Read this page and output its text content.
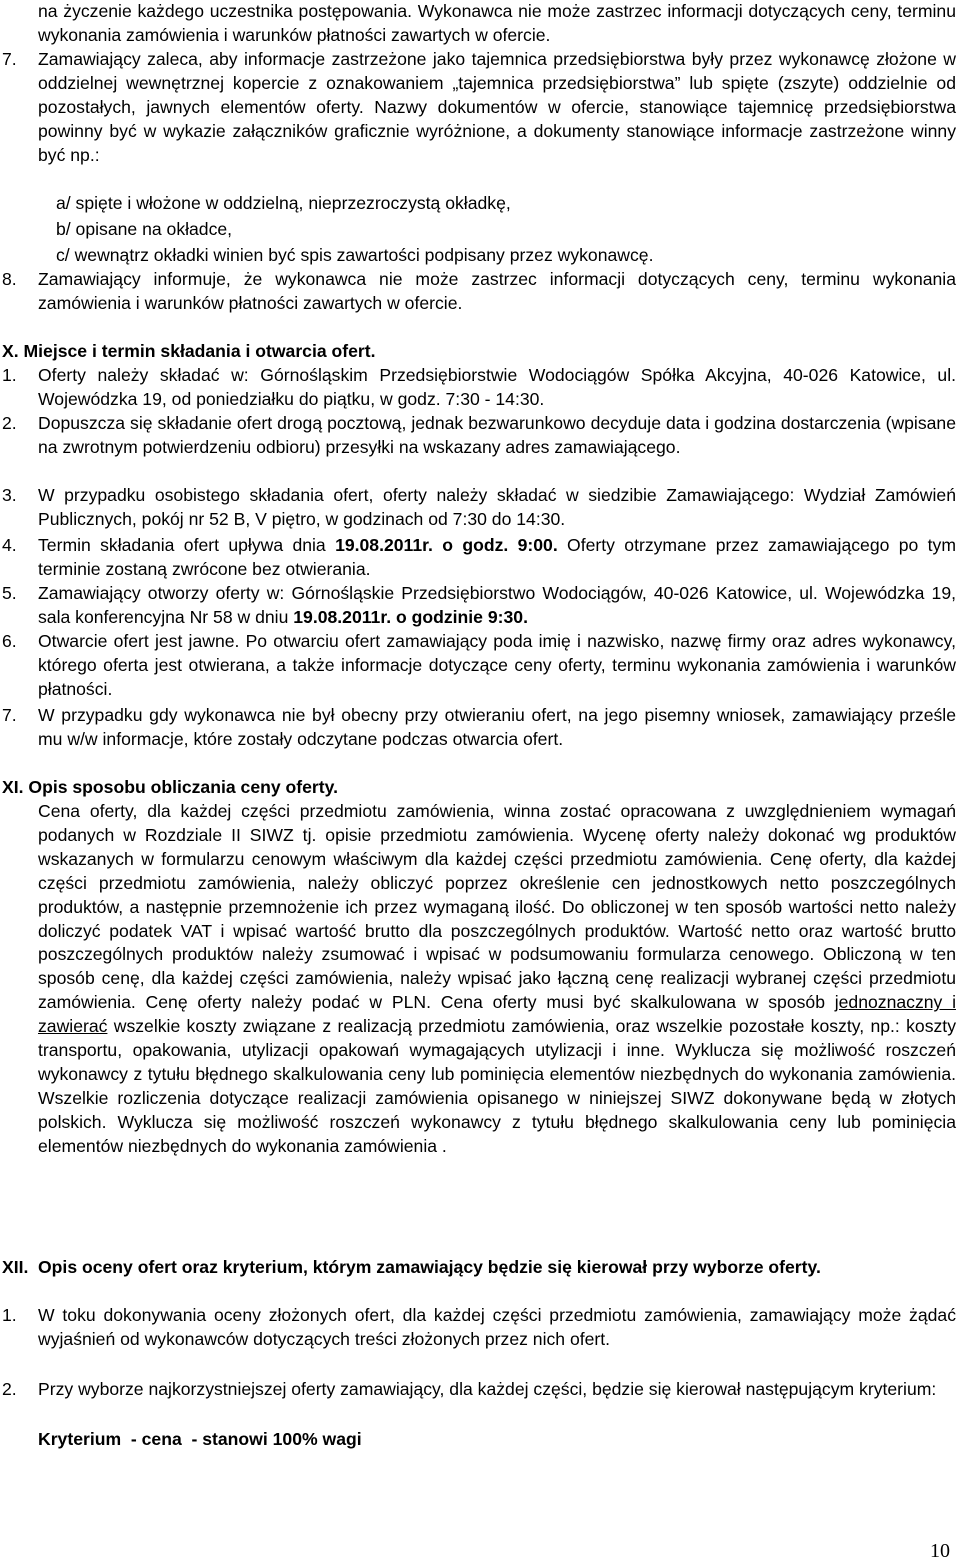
na życzenie każdego uczestnika postępowania. Wykonawca nie może zastrzec informacji dotyczących ceny, terminu wykonania zamówienia i warunków płatności zawartych w ofercie.

7. Zamawiający zaleca, aby informacje zastrzeżone jako tajemnica przedsiębiorstwa były przez wykonawcę złożone w oddzielnej wewnętrznej kopercie z oznakowaniem „tajemnica przedsiębiorstwa” lub spięte (zszyte) oddzielnie od pozostałych, jawnych elementów oferty. Nazwy dokumentów w ofercie, stanowiące tajemnicę przedsiębiorstwa powinny być w wykazie załączników graficznie wyróżnione, a dokumenty stanowiące informacje zastrzeżone winny być np.:
a/ spięte i włożone w oddzielną, nieprzezroczystą okładkę,
b/ opisane na okładce,
c/ wewnątrz okładki winien być spis zawartości podpisany przez wykonawcę.
8. Zamawiający informuje, że wykonawca nie może zastrzec informacji dotyczących ceny, terminu wykonania zamówienia i warunków płatności zawartych w ofercie.
X. Miejsce i termin składania i otwarcia ofert.
1. Oferty należy składać w: Górnośląskim Przedsiębiorstwie Wodociągów Spółka Akcyjna, 40-026 Katowice, ul. Wojewódzka 19, od poniedziałku do piątku, w godz. 7:30 - 14:30.
2. Dopuszcza się składanie ofert drogą pocztową, jednak bezwarunkowo decyduje data i godzina dostarczenia (wpisane na zwrotnym potwierdzeniu odbioru) przesyłki na wskazany adres zamawiającego.
3. W przypadku osobistego składania ofert, oferty należy składać w siedzibie Zamawiającego: Wydział Zamówień Publicznych, pokój nr 52 B, V piętro, w godzinach od 7:30 do 14:30.
4. Termin składania ofert upływa dnia 19.08.2011r. o godz. 9:00. Oferty otrzymane przez zamawiającego po tym terminie zostaną zwrócone bez otwierania.
5. Zamawiający otworzy oferty w: Górnośląskie Przedsiębiorstwo Wodociągów, 40-026 Katowice, ul. Wojewódzka 19, sala konferencyjna Nr 58 w dniu 19.08.2011r. o godzinie 9:30.
6. Otwarcie ofert jest jawne. Po otwarciu ofert zamawiający poda imię i nazwisko, nazwę firmy oraz adres wykonawcy, którego oferta jest otwierana, a także informacje dotyczące ceny oferty, terminu wykonania zamówienia i warunków płatności.
7. W przypadku gdy wykonawca nie był obecny przy otwieraniu ofert, na jego pisemny wniosek, zamawiający prześle mu w/w informacje, które zostały odczytane podczas otwarcia ofert.
XI. Opis sposobu obliczania ceny oferty.

Cena oferty, dla każdej części przedmiotu zamówienia, winna zostać opracowana z uwzględnieniem wymagań podanych w Rozdziale II SIWZ tj. opisie przedmiotu zamówienia. Wycenę oferty należy dokonać wg produktów wskazanych w formularzu cenowym właściwym dla każdej części przedmiotu zamówienia. Cenę oferty, dla każdej części przedmiotu zamówienia, należy obliczyć poprzez określenie cen jednostkowych netto poszczególnych produktów, a następnie przemnożenie ich przez wymaganą ilość. Do obliczonej w ten sposób wartości netto należy doliczyć podatek VAT i wpisać wartość brutto dla poszczególnych produktów. Wartość netto oraz wartość brutto poszczególnych produktów należy zsumować i wpisać w podsumowaniu formularza cenowego. Obliczoną w ten sposób cenę, dla każdej części zamówienia, należy wpisać jako łączną cenę realizacji wybranej części przedmiotu zamówienia. Cenę oferty należy podać w PLN. Cena oferty musi być skalkulowana w sposób jednoznaczny i zawierać wszelkie koszty związane z realizacją przedmiotu zamówienia, oraz wszelkie pozostałe koszty, np.: koszty transportu, opakowania, utylizacji opakowań wymagających utylizacji i inne. Wyklucza się możliwość roszczeń wykonawcy z tytułu błędnego skalkulowania ceny lub pominięcia elementów niezbędnych do wykonania zamówienia. Wszelkie rozliczenia dotyczące realizacji zamówienia opisanego w niniejszej SIWZ dokonywane będą w złotych polskich. Wyklucza się możliwość roszczeń wykonawcy z tytułu błędnego skalkulowania ceny lub pominięcia elementów niezbędnych do wykonania zamówienia .

XII. Opis oceny ofert oraz kryterium, którym zamawiający będzie się kierował przy wyborze oferty.
1. W toku dokonywania oceny złożonych ofert, dla każdej części przedmiotu zamówienia, zamawiający może żądać wyjaśnień od wykonawców dotyczących treści złożonych przez nich ofert.
2. Przy wyborze najkorzystniejszej oferty zamawiający, dla każdej części, będzie się kierował następującym kryterium:
Kryterium  - cena  - stanowi 100% wagi
10
